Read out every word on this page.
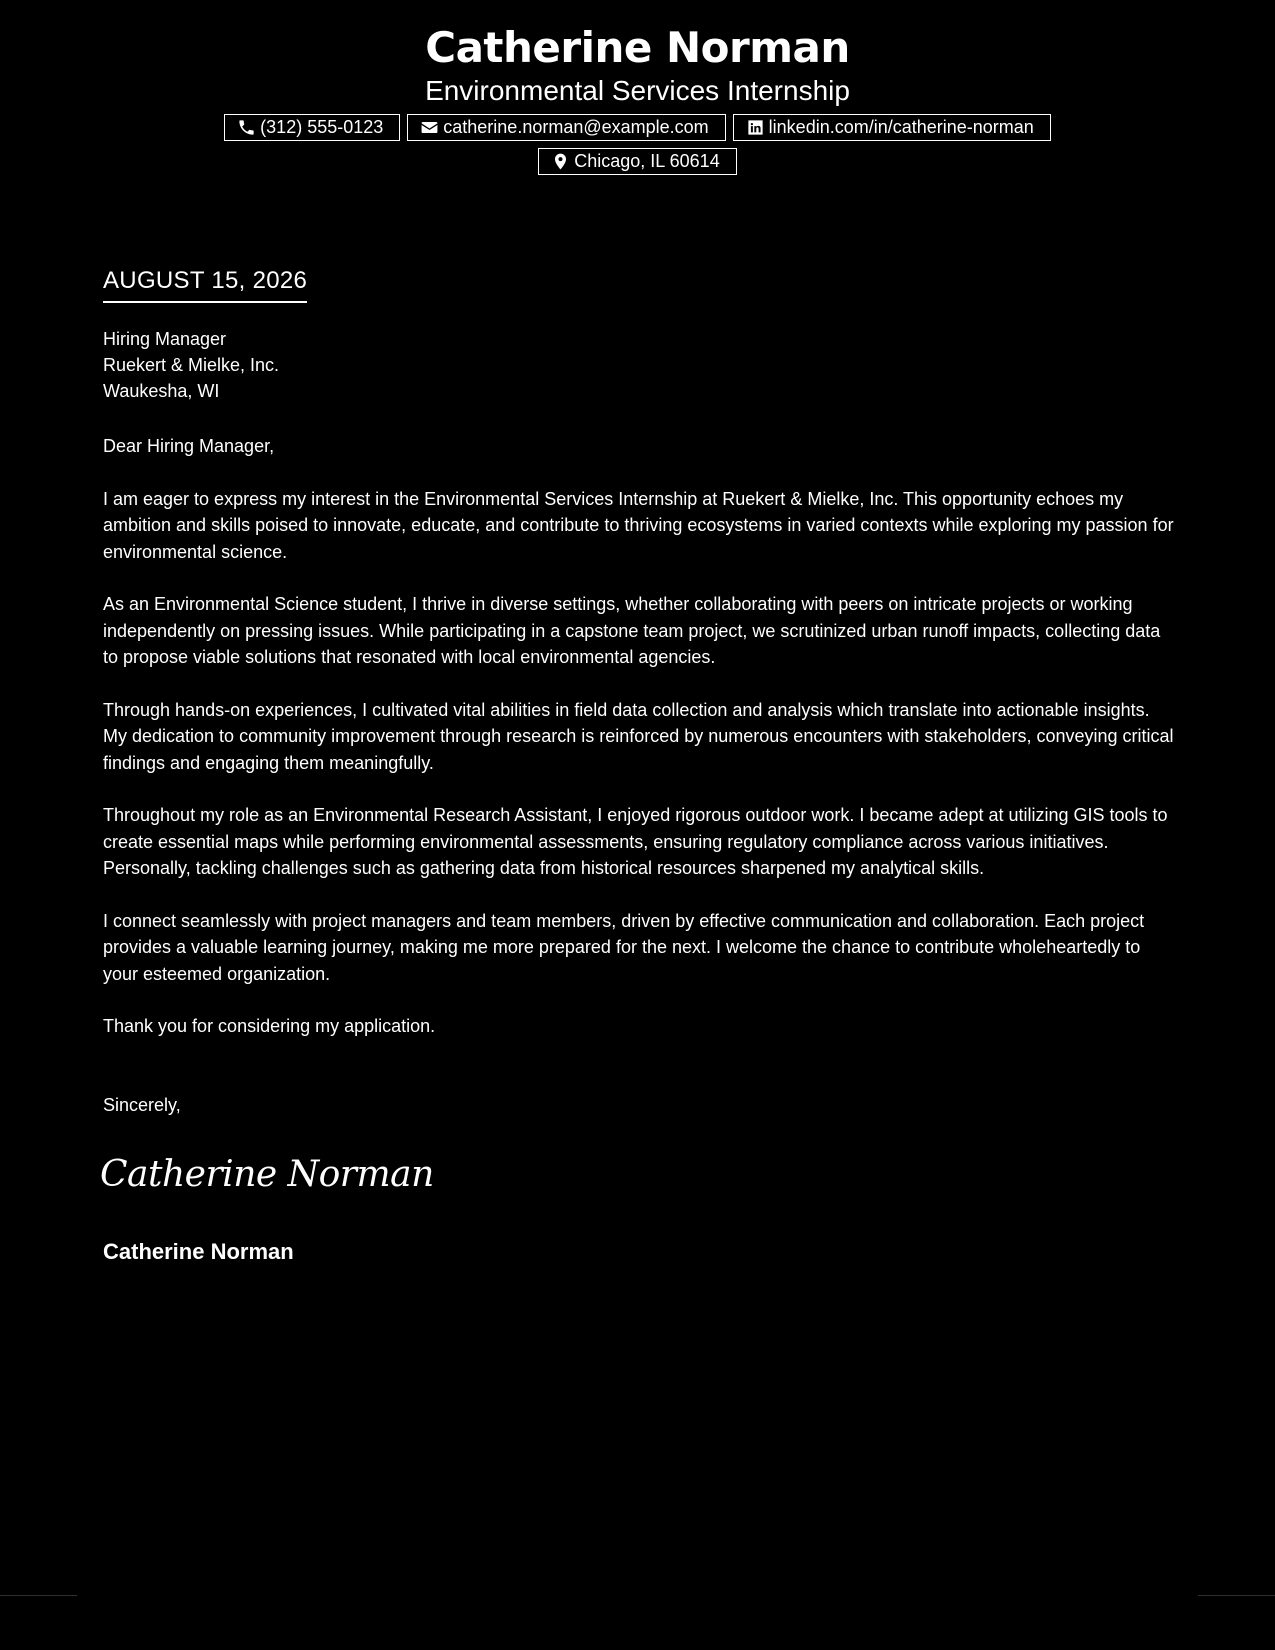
Catherine Norman
Environmental Services Internship
(312) 555-0123	catherine.norman@example.com	linkedin.com/in/catherine-norman
Chicago, IL 60614
AUGUST 15, 2026
Hiring Manager
Ruekert & Mielke, Inc.
Waukesha, WI

Dear Hiring Manager,

I am eager to express my interest in the Environmental Services Internship at Ruekert & Mielke, Inc. This opportunity echoes my ambition and skills poised to innovate, educate, and contribute to thriving ecosystems in varied contexts while exploring my passion for environmental science.

As an Environmental Science student, I thrive in diverse settings, whether collaborating with peers on intricate projects or working independently on pressing issues. While participating in a capstone team project, we scrutinized urban runoff impacts, collecting data to propose viable solutions that resonated with local environmental agencies.

Through hands-on experiences, I cultivated vital abilities in field data collection and analysis which translate into actionable insights. My dedication to community improvement through research is reinforced by numerous encounters with stakeholders, conveying critical findings and engaging them meaningfully.

Throughout my role as an Environmental Research Assistant, I enjoyed rigorous outdoor work. I became adept at utilizing GIS tools to create essential maps while performing environmental assessments, ensuring regulatory compliance across various initiatives. Personally, tackling challenges such as gathering data from historical resources sharpened my analytical skills.

I connect seamlessly with project managers and team members, driven by effective communication and collaboration. Each project provides a valuable learning journey, making me more prepared for the next. I welcome the chance to contribute wholeheartedly to your esteemed organization.

Thank you for considering my application.

Sincerely,
Catherine Norman
Catherine Norman
